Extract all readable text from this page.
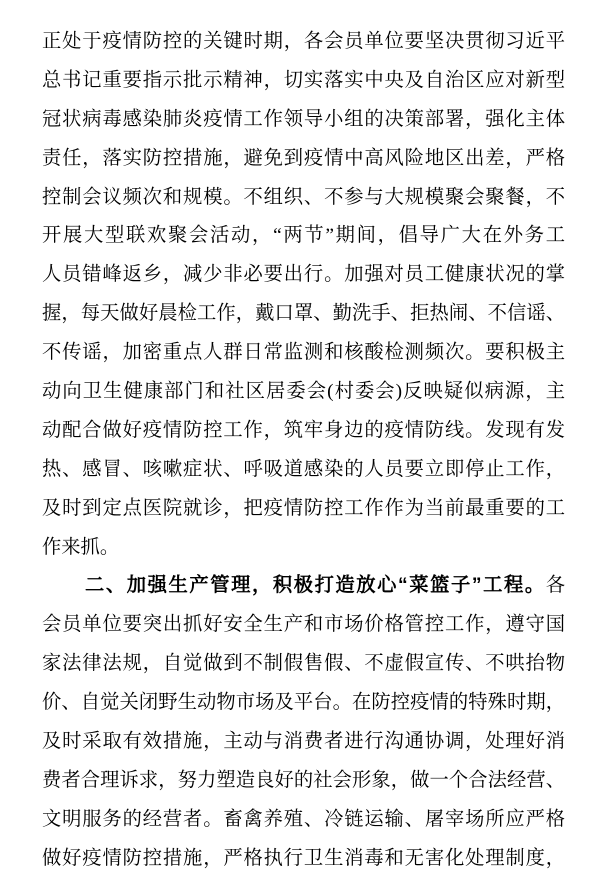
正处于疫情防控的关键时期，各会员单位要坚决贯彻习近平
总书记重要指示批示精神，切实落实中央及自治区应对新型
冠状病毒感染肺炎疫情工作领导小组的决策部署，强化主体
责任，落实防控措施，避免到疫情中高风险地区出差，严格
控制会议频次和规模。不组织、不参与大规模聚会聚餐，不
开展大型联欢聚会活动，“两节”期间，倡导广大在外务工
人员错峰返乡，减少非必要出行。加强对员工健康状况的掌
握，每天做好晨检工作，戴口罩、勤洗手、拒热闹、不信谣、
不传谣，加密重点人群日常监测和核酸检测频次。要积极主
动向卫生健康部门和社区居委会(村委会)反映疑似病源，主
动配合做好疫情防控工作，筑牢身边的疫情防线。发现有发
热、感冒、咳嗽症状、呼吸道感染的人员要立即停止工作，
及时到定点医院就诊，把疫情防控工作作为当前最重要的工
作来抓。
二、加强生产管理，积极打造放心“菜篮子”工程。各
会员单位要突出抓好安全生产和市场价格管控工作，遵守国
家法律法规，自觉做到不制假售假、不虚假宣传、不哄抬物
价、自觉关闭野生动物市场及平台。在防控疫情的特殊时期，
及时采取有效措施，主动与消费者进行沟通协调，处理好消
费者合理诉求，努力塑造良好的社会形象，做一个合法经营、
文明服务的经营者。畜禽养殖、冷链运输、屠宰场所应严格
做好疫情防控措施，严格执行卫生消毒和无害化处理制度，
